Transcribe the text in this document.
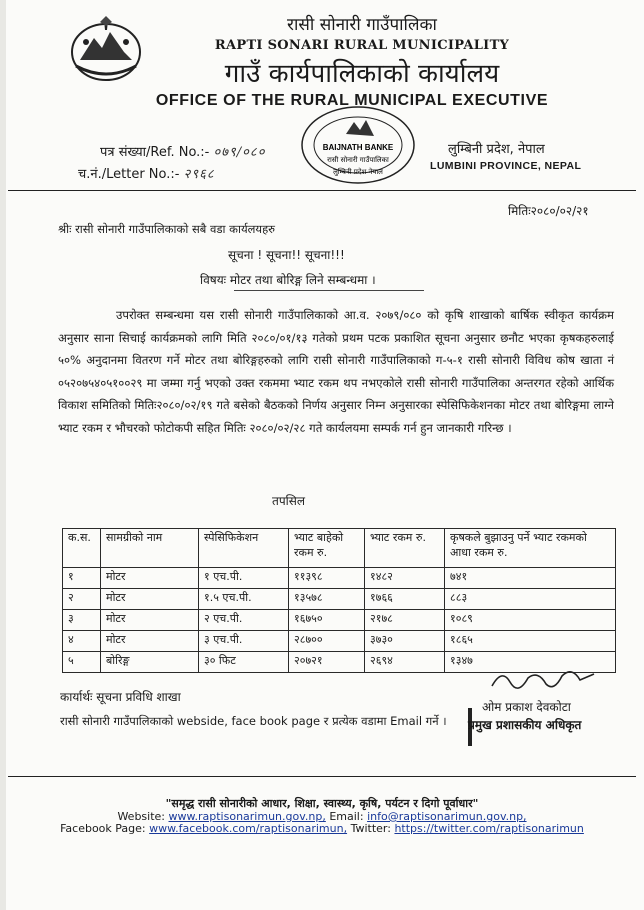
रासी सोनारी गाउँपालिका
RAPTI SONARI RURAL MUNICIPALITY
गाउँ कार्यपालिकाको कार्यालय
OFFICE OF THE RURAL MUNICIPAL EXECUTIVE
BAIJNATH BANKE
रासी सोनारी गाउँपालिका
लुम्बिनी प्रदेश नेपाल
पत्र संख्या/Ref. No.:- ०७९/०८०
च.नं./Letter No.:- २९६८
लुम्बिनी प्रदेश, नेपाल
LUMBINI PROVINCE, NEPAL
मितिः२०८०/०२/२१
श्रीः रासी सोनारी गाउँपालिकाको सबै वडा कार्यलयहरु
सूचना ! सूचना!! सूचना!!!
विषयः मोटर तथा बोरिङ्ग लिने सम्बन्धमा ।
उपरोक्त सम्बन्धमा यस रासी सोनारी गाउँपालिकाको आ.व. २०७९/०८० को कृषि शाखाको बार्षिक स्वीकृत कार्यक्रम अनुसार साना सिचाई कार्यक्रमको लागि मिति २०८०/०१/१३ गतेको प्रथम पटक प्रकाशित सूचना अनुसार छनौट भएका कृषकहरुलाई ५०% अनुदानमा वितरण गर्ने मोटर तथा बोरिङ्गहरुको लागि रासी सोनारी गाउँपालिकाको ग-५-१ रासी सोनारी विविध कोष खाता नं ०५२०७५४०५१००२९ मा जम्मा गर्नु भएको उक्त रकममा भ्याट रकम थप नभएकोले रासी सोनारी गाउँपालिका अन्तरगत रहेको आर्थिक विकाश समितिको मितिः२०८०/०२/१९ गते बसेको बैठकको निर्णय अनुसार निम्न अनुसारका स्पेसिफिकेशनका मोटर तथा बोरिङ्गमा लाग्ने भ्याट रकम र भौचरको फोटोकपी सहित मितिः २०८०/०२/२८ गते कार्यलयमा सम्पर्क गर्न हुन जानकारी गरिन्छ ।
तपसिल
क.स.	सामग्रीको नाम	स्पेसिफिकेशन	भ्याट बाहेको रकम रु.	भ्याट रकम रु.	कृषकले बुझाउनु पर्ने भ्याट रकमको आधा रकम रु.
१	मोटर	१ एच.पी.	११३९८	१४८२	७४१
२	मोटर	१.५ एच.पी.	१३५७८	१७६६	८८३
३	मोटर	२ एच.पी.	१६७५०	२१७८	१०८९
४	मोटर	३ एच.पी.	२८७००	३७३०	१८६५
५	बोरिङ्ग	३० फिट	२०७२१	२६९४	१३४७
कार्यार्थः सूचना प्रविधि शाखा
रासी सोनारी गाउँपालिकाको webside, face book page र प्रत्येक वडामा Email गर्ने ।
ओम प्रकाश देवकोटा
प्रमुख प्रशासकीय अधिकृत
"समृद्ध रासी सोनारीको आधार, शिक्षा, स्वास्थ्य, कृषि, पर्यटन र दिगो पूर्वाधार"
Website: www.raptisonarimun.gov.np, Email: info@raptisonarimun.gov.np,
Facebook Page: www.facebook.com/raptisonarimun, Twitter: https://twitter.com/raptisonarimun
